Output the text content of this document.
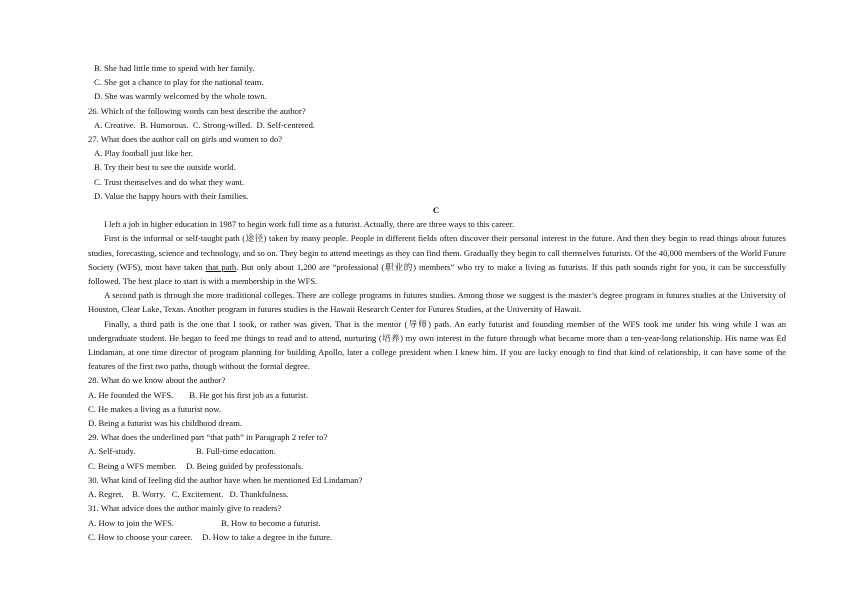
B. She had little time to spend with her family.
C. She got a chance to play for the national team.
D. She was warmly welcomed by the whole town.
26. Which of the following words can best describe the author?
A. Creative.  B. Humorous.  C. Strong-willed.  D. Self-centered.
27. What does the author call on girls and women to do?
A. Play football just like her.
B. Try their best to see the outside world.
C. Trust themselves and do what they want.
D. Value the happy hours with their families.
C
I left a job in higher education in 1987 to begin work full time as a futurist. Actually, there are three ways to this career.
First is the informal or self-taught path (途径) taken by many people. People in different fields often discover their personal interest in the future. And then they begin to read things about futures studies, forecasting, science and technology, and so on. They begin to attend meetings as they can find them. Gradually they begin to call themselves futurists. Of the 40,000 members of the World Future Society (WFS), most have taken that path. But only about 1,200 are “professional (职业的) members” who try to make a living as futurists. If this path sounds right for you, it can be successfully followed. The best place to start is with a membership in the WFS.
A second path is through the more traditional colleges. There are college programs in futures studies. Among those we suggest is the master’s degree program in futures studies at the University of Houston, Clear Lake, Texas. Another program in futures studies is the Hawaii Research Center for Futures Studies, at the University of Hawaii.
Finally, a third path is the one that I took, or rather was given. That is the mentor (导师) path. An early futurist and founding member of the WFS took me under his wing while I was an undergraduate student. He began to feed me things to read and to attend, nurturing (培养) my own interest in the future through what became more than a ten-year-long relationship. His name was Ed Lindaman, at one time director of program planning for building Apollo, later a college president when I knew him. If you are lucky enough to find that kind of relationship, it can have some of the features of the first two paths, though without the formal degree.
28. What do we know about the author?
A. He founded the WFS. B. He got his first job as a futurist.
C. He makes a living as a futurist now.
D. Being a futurist was his childhood dream.
29. What does the underlined part “that path” in Paragraph 2 refer to?
A. Self-study.	B. Full-time education.
C. Being a WFS member. D. Being guided by professionals.
30. What kind of feeling did the author have when he mentioned Ed Lindaman?
A. Regret.    B. Worry.   C. Excitement.   D. Thankfulness.
31. What advice does the author mainly give to readers?
A. How to join the WFS.	B. How to become a futurist.
C. How to choose your career. D. How to take a degree in the future.
